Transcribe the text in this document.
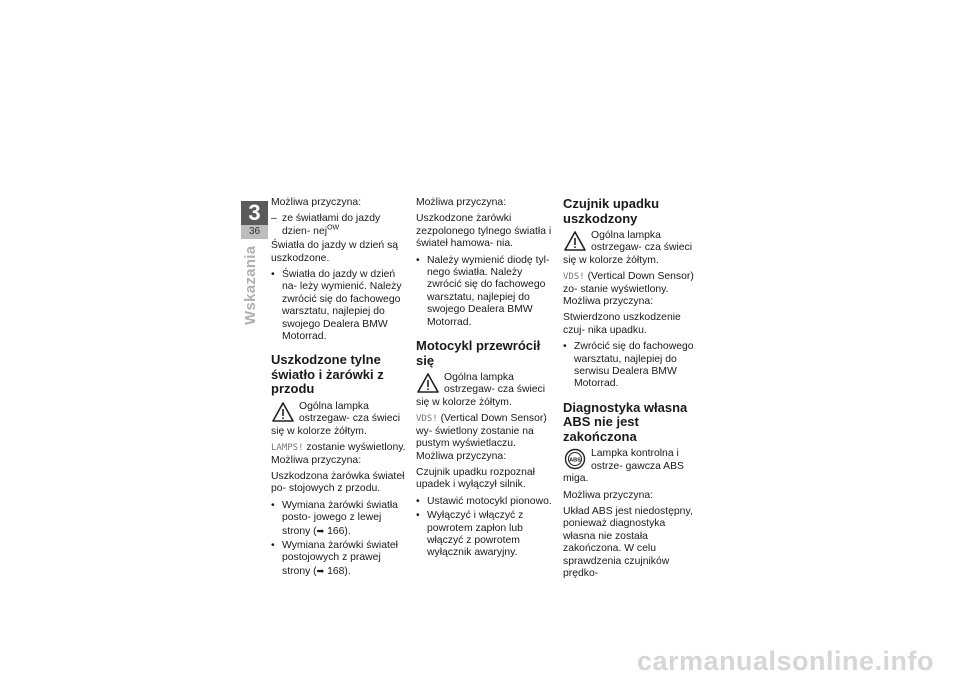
3
36
Wskazania

Możliwa przyczyna:

– ze światłami do jazdy dzien- nej$^{OW}$

Światła do jazdy w dzień są uszkodzone.

• Światła do jazdy w dzień na- leży wymienić. Należy zwrócić się do fachowego warsztatu, najlepiej do swojego Dealera BMW Motorrad.
Uszkodzone tylne światło i żarówki z przodu
Ogólna lampka ostrzegaw- cza świeci się w kolorze żółtym.

LAMPS! zostanie wyświetlony.
Możliwa przyczyna:

Uszkodzona żarówka świateł po- stojowych z przodu.

• Wymiana żarówki światła posto- jowego z lewej strony (➡ 166).
• Wymiana żarówki świateł postojowych z prawej strony (➡ 168).

Możliwa przyczyna:

Uszkodzone żarówki zezpolonego tylnego światła i świateł hamowa- nia.

• Należy wymienić diodę tyl- nego światła. Należy zwrócić się do fachowego warsztatu, najlepiej do swojego Dealera BMW Motorrad.
Motocykl przewrócił się
Ogólna lampka ostrzegaw- cza świeci się w kolorze żółtym.

VDS! (Vertical Down Sensor) wy- świetlony zostanie na pustym wyświetlaczu.
Możliwa przyczyna:

Czujnik upadku rozpoznał upadek i wyłączył silnik.

• Ustawić motocykl pionowo.
• Wyłączyć i włączyć z powrotem zapłon lub włączyć z powrotem wyłącznik awaryjny.
Czujnik upadku uszkodzony
Ogólna lampka ostrzegaw- cza świeci się w kolorze żółtym.

VDS! (Vertical Down Sensor) zo- stanie wyświetlony.
Możliwa przyczyna:

Stwierdzono uszkodzenie czuj- nika upadku.

• Zwrócić się do fachowego warsztatu, najlepiej do serwisu Dealera BMW Motorrad.
Diagnostyka własna ABS nie jest zakończona
ABS
Lampka kontrolna i ostrze- gawcza ABS miga.

Możliwa przyczyna:

Układ ABS jest niedostępny, ponieważ diagnostyka własna nie została zakończona. W celu sprawdzenia czujników prędko-

carmanualsonline.info
